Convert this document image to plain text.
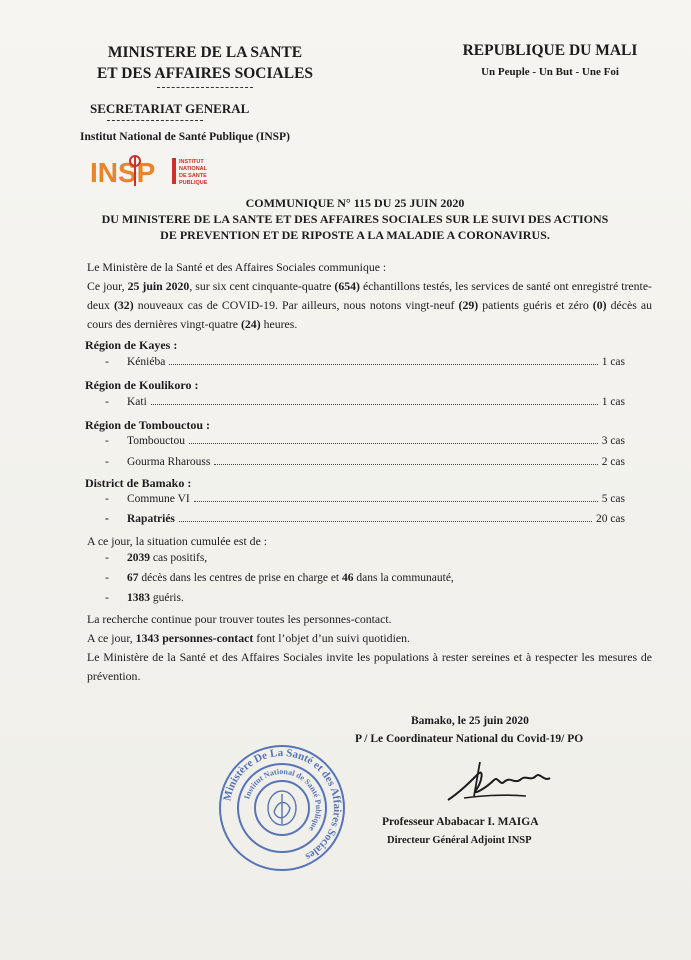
MINISTERE DE LA SANTE
ET DES AFFAIRES SOCIALES
SECRETARIAT GENERAL
Institut National de Santé Publique (INSP)
REPUBLIQUE DU MALI
Un Peuple - Un But - Une Foi
INSP	INSTITUT
NATIONAL
DE SANTE
PUBLIQUE
COMMUNIQUE N° 115 DU 25 JUIN 2020
DU MINISTERE DE LA SANTE ET DES AFFAIRES SOCIALES SUR LE SUIVI DES ACTIONS
DE PREVENTION ET DE RIPOSTE A LA MALADIE A CORONAVIRUS.
Le Ministère de la Santé et des Affaires Sociales communique :
Ce jour, 25 juin 2020, sur six cent cinquante-quatre (654) échantillons testés, les services de santé ont enregistré trente-deux (32) nouveaux cas de COVID-19. Par ailleurs, nous notons vingt-neuf (29) patients guéris et zéro (0) décès au cours des dernières vingt-quatre (24) heures.
Région de Kayes :
-	Kéniéba	1 cas
Région de Koulikoro :
-	Kati	1 cas
Région de Tombouctou :
-	Tombouctou	3 cas
-	Gourma Rharouss	2 cas
District de Bamako :
-	Commune VI	5 cas
-	Rapatriés	20 cas
A ce jour, la situation cumulée est de :
-	2039 cas positifs,
-	67 décès dans les centres de prise en charge et 46 dans la communauté,
-	1383 guéris.
La recherche continue pour trouver toutes les personnes-contact.
A ce jour, 1343 personnes-contact font l’objet d’un suivi quotidien.
Le Ministère de la Santé et des Affaires Sociales invite les populations à rester sereines et à respecter les mesures de prévention.
Bamako, le 25 juin 2020
P / Le Coordinateur National du Covid-19/ PO
Professeur Ababacar I. MAIGA
Directeur Général Adjoint INSP
Ministère De La Santé et des Affaires Sociales
Institut National de Santé Publique
